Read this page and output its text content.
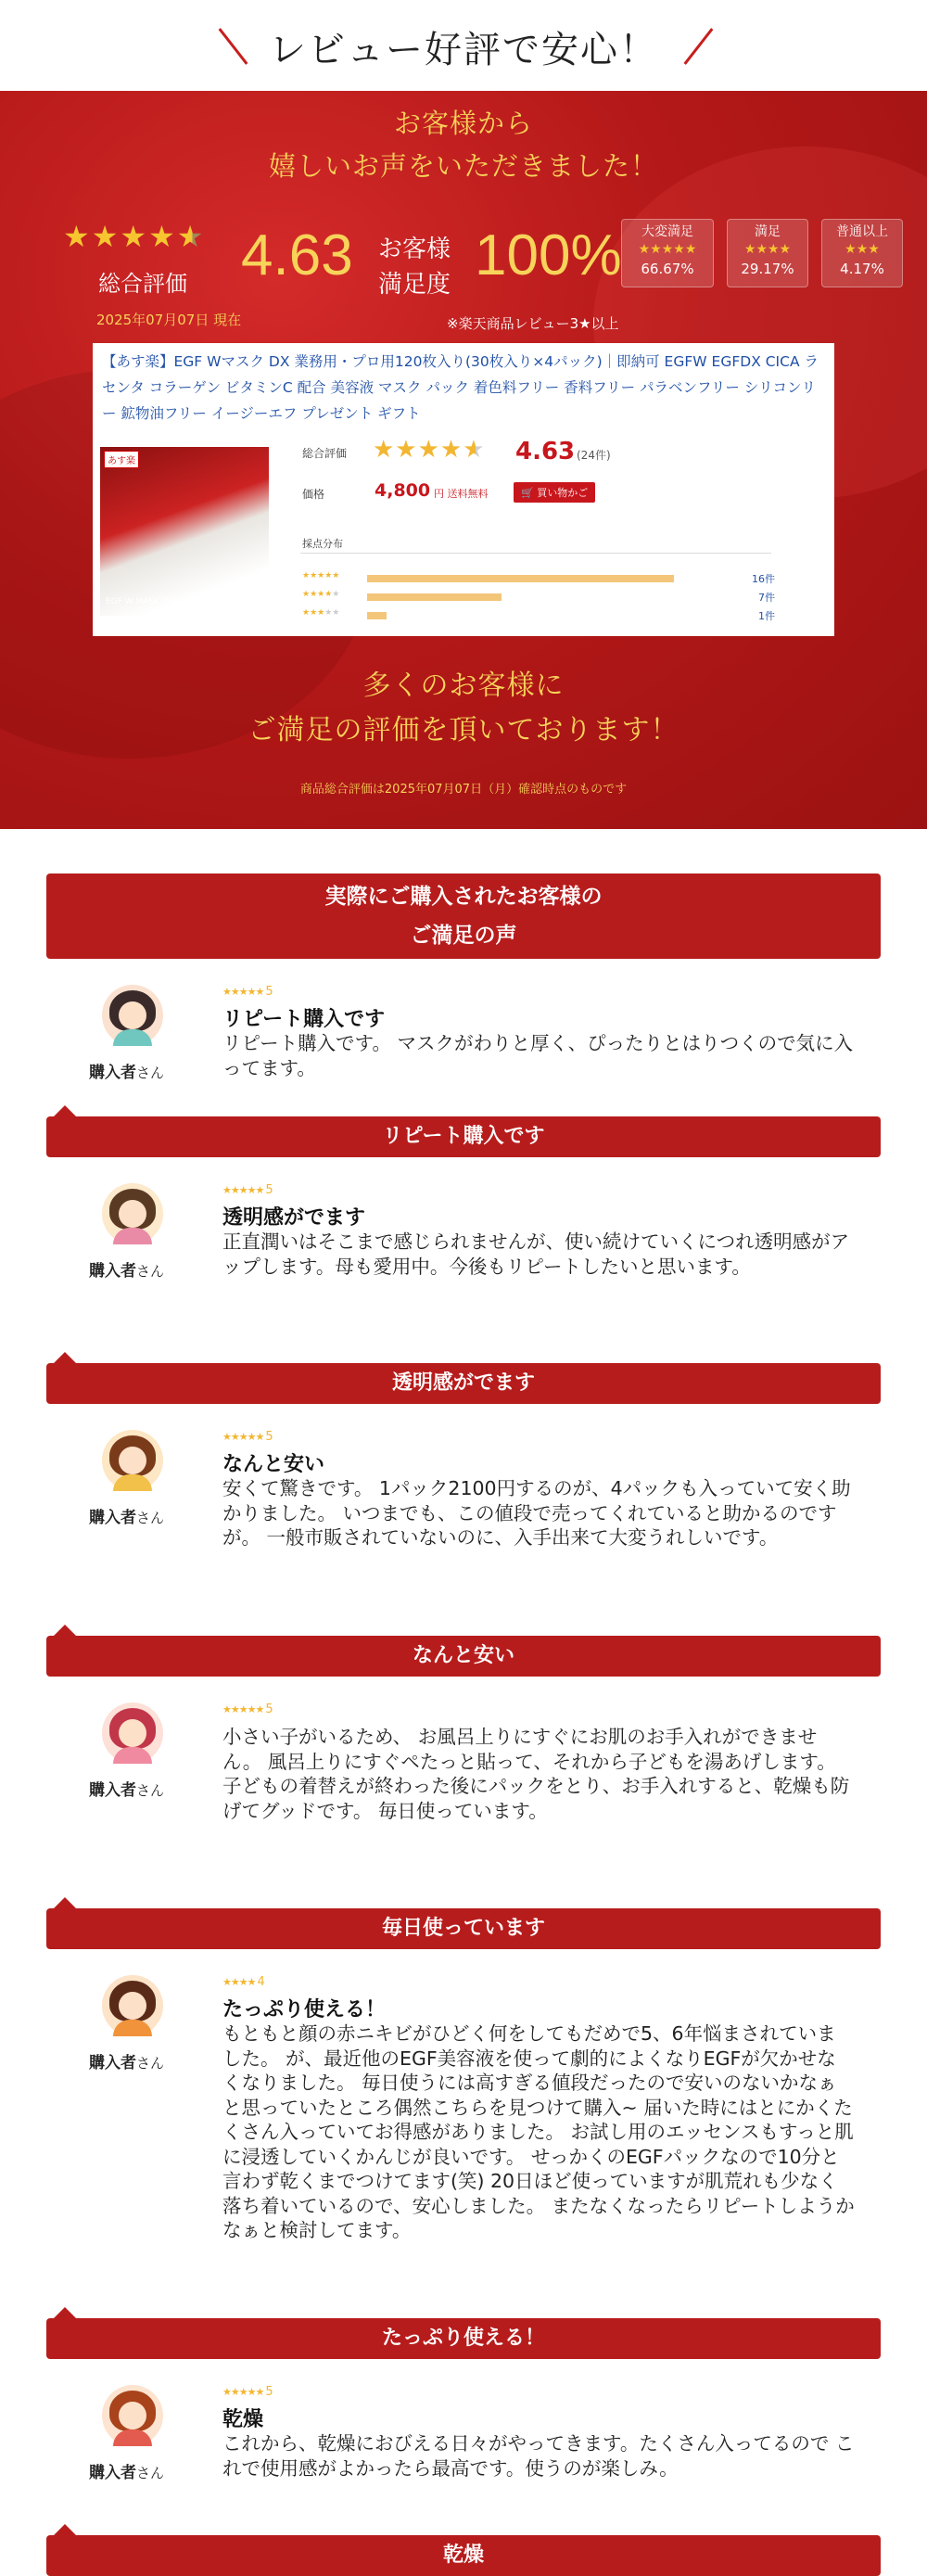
レビュー好評で安心！
お客様から
嬉しいお声をいただきました！
★★★★★
総合評価
2025年07月07日 現在
4.63 お客様
満足度 100%
※楽天商品レビュー3★以上
大変満足
★★★★★
66.67%
満足
★★★★
29.17%
普通以上
★★★
4.17%
【あす楽】EGF Wマスク DX 業務用・プロ用120枚入り(30枚入り×4パック)｜即納可 EGFW EGFDX CICA ラセンタ コラーゲン ビタミンC 配合 美容液 マスク パック 着色料フリー 香料フリー パラベンフリー シリコンリー 鉱物油フリー イージーエフ プレゼント ギフト
あす楽
EGF W MASK DX
総合評価 ★★★★★ 4.63 (24件)
価格	4,800 円 送料無料	🛒 買い物かご
採点分布
★★★★★	16件
★★★★★	7件
★★★★★	1件
多くのお客様に
ご満足の評価を頂いております！
商品総合評価は2025年07月07日（月）確認時点のものです
実際にご購入されたお客様の
ご満足の声
購入者さん
★★★★★ 5
リピート購入です
リピート購入です。 マスクがわりと厚く、ぴったりとはりつくので気に入ってます。
リピート購入です
購入者さん
★★★★★ 5
透明感がでます
正直潤いはそこまで感じられませんが、使い続けていくにつれ透明感がアップします。母も愛用中。今後もリピートしたいと思います。
透明感がでます
購入者さん
★★★★★ 5
なんと安い
安くて驚きです。 1パック2100円するのが、4パックも入っていて安く助かりました。 いつまでも、この値段で売ってくれていると助かるのですが。 一般市販されていないのに、入手出来て大変うれしいです。
なんと安い
購入者さん
★★★★★ 5
小さい子がいるため、 お風呂上りにすぐにお肌のお手入れができません。 風呂上りにすぐペたっと貼って、それから子どもを湯あげします。 子どもの着替えが終わった後にパックをとり、お手入れすると、乾燥も防げてグッドです。 毎日使っています。
毎日使っています
購入者さん
★★★★ 4
たっぷり使える！
もともと顔の赤ニキビがひどく何をしてもだめで5、6年悩まされていました。 が、最近他のEGF美容液を使って劇的によくなりEGFが欠かせなくなりました。 毎日使うには高すぎる値段だったので安いのないかなぁと思っていたところ偶然こちらを見つけて購入~ 届いた時にはとにかくたくさん入っていてお得感がありました。 お試し用のエッセンスもすっと肌に浸透していくかんじが良いです。 せっかくのEGFパックなので10分と言わず乾くまでつけてます(笑) 20日ほど使っていますが肌荒れも少なく落ち着いているので、安心しました。 またなくなったらリピートしようかなぁと検討してます。
たっぷり使える！
購入者さん
★★★★★ 5
乾燥
これから、乾燥におびえる日々がやってきます。たくさん入ってるので これで使用感がよかったら最高です。使うのが楽しみ。
乾燥
